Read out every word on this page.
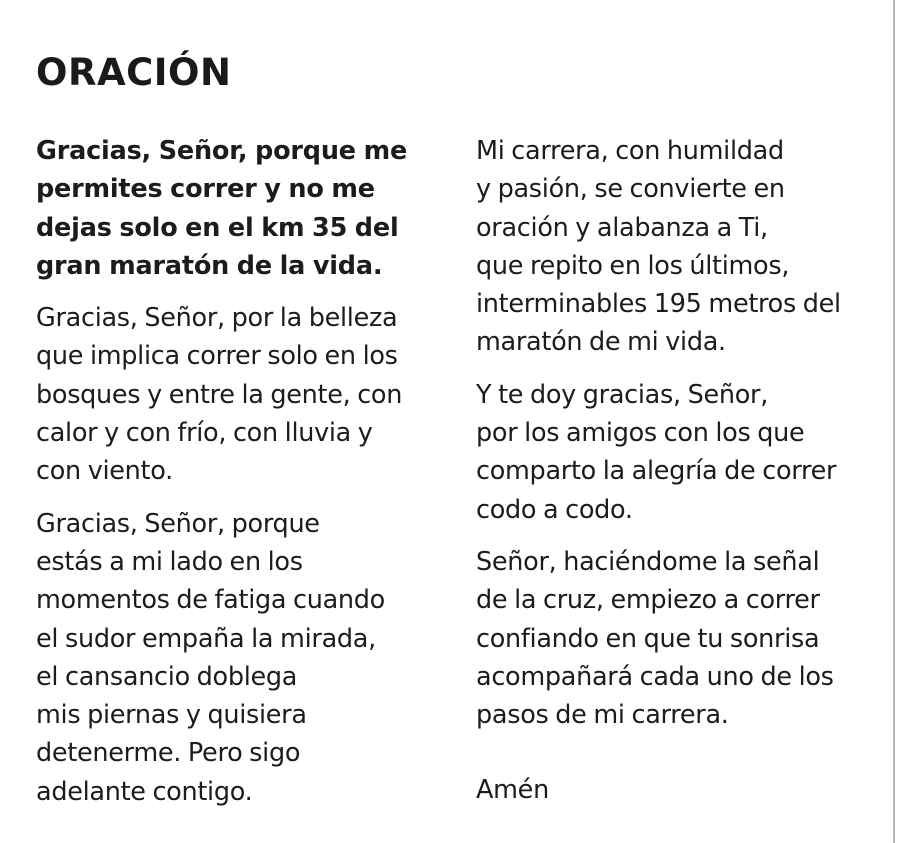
ORACIÓN

Gracias, Señor, porque me
permites correr y no me
dejas solo en el km 35 del
gran maratón de la vida.

Gracias, Señor, por la belleza
que implica correr solo en los
bosques y entre la gente, con
calor y con frío, con lluvia y
con viento.

Gracias, Señor, porque
estás a mi lado en los
momentos de fatiga cuando
el sudor empaña la mirada,
el cansancio doblega
mis piernas y quisiera
detenerme. Pero sigo
adelante contigo.

Mi carrera, con humildad
y pasión, se convierte en
oración y alabanza a Ti,
que repito en los últimos,
interminables 195 metros del
maratón de mi vida.

Y te doy gracias, Señor,
por los amigos con los que
comparto la alegría de correr
codo a codo.

Señor, haciéndome la señal
de la cruz, empiezo a correr
confiando en que tu sonrisa
acompañará cada uno de los
pasos de mi carrera.

Amén
